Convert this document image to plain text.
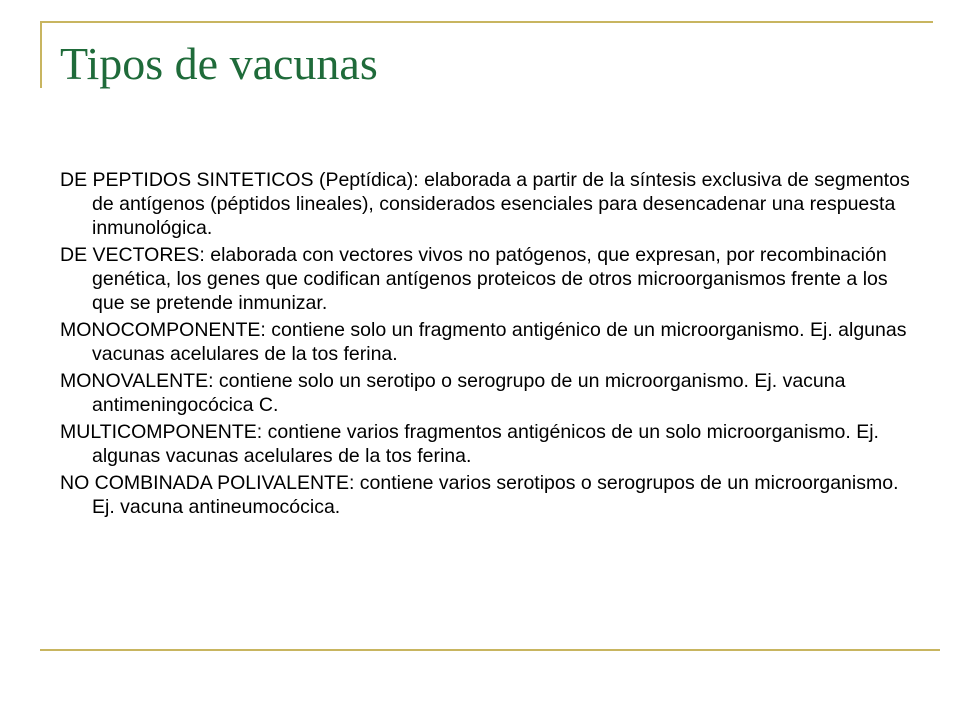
Tipos de vacunas
DE PEPTIDOS SINTETICOS (Peptídica): elaborada a partir de la síntesis exclusiva de segmentos de antígenos (péptidos lineales), considerados esenciales para desencadenar una respuesta inmunológica.
DE VECTORES: elaborada con vectores vivos no patógenos, que expresan, por recombinación genética, los genes que codifican antígenos proteicos de otros microorganismos frente a los que se pretende inmunizar.
MONOCOMPONENTE: contiene solo un fragmento antigénico de un microorganismo. Ej. algunas vacunas acelulares de la tos ferina.
MONOVALENTE: contiene solo un serotipo o serogrupo de un microorganismo. Ej. vacuna antimeningocócica C.
MULTICOMPONENTE: contiene varios fragmentos antigénicos de un solo microorganismo. Ej. algunas vacunas acelulares de la tos ferina.
NO COMBINADA POLIVALENTE: contiene varios serotipos o serogrupos de un microorganismo. Ej. vacuna antineumocócica.
